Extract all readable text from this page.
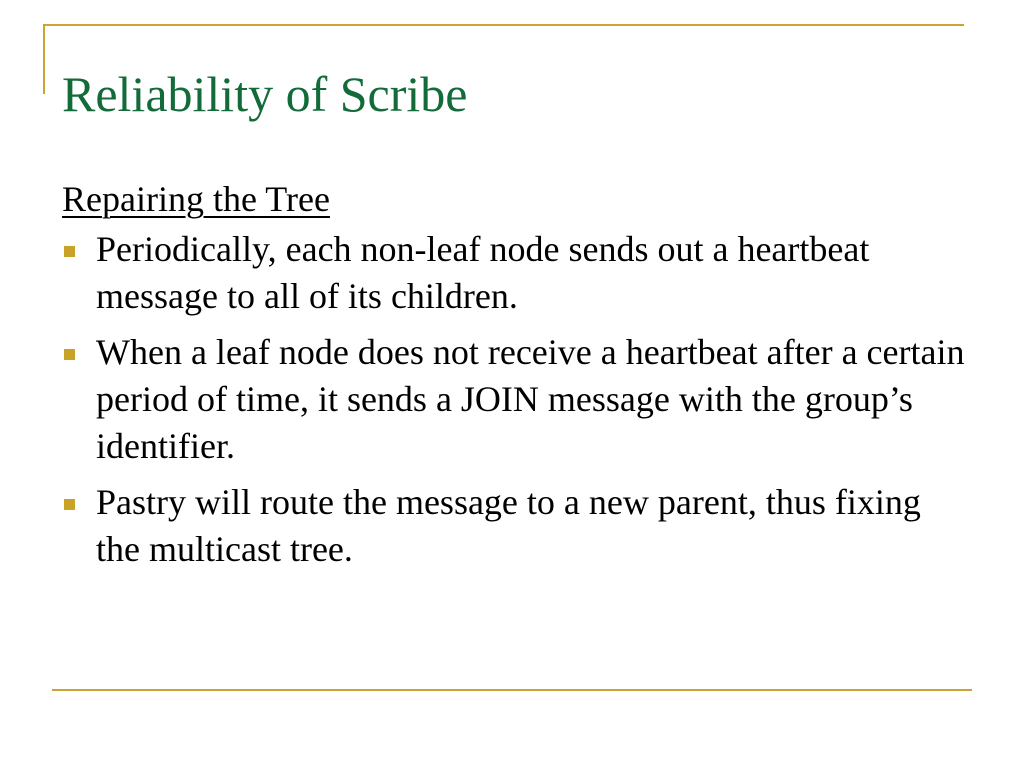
Reliability of Scribe
Repairing the Tree
Periodically, each non-leaf node sends out a heartbeat message to all of its children.
When a leaf node does not receive a heartbeat after a certain period of time, it sends a JOIN message with the group’s identifier.
Pastry will route the message to a new parent, thus fixing the multicast tree.
